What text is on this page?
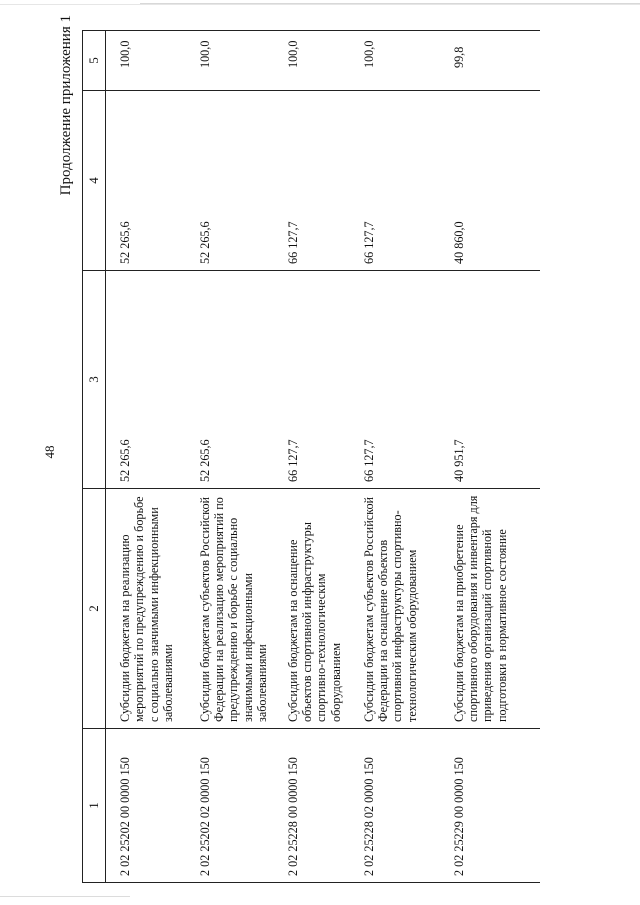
48
Продолжение приложения 1
1	2	3	4	5
2 02 25202 00 0000 150	Субсидии бюджетам на реализацию мероприятий по предупреждению и борьбе с социально значимыми инфекционными заболеваниями	52 265,6	52 265,6	100,0
2 02 25202 02 0000 150	Субсидии бюджетам субъектов Российской Федерации на реализацию мероприятий по предупреждению и борьбе с социально значимыми инфекционными заболеваниями	52 265,6	52 265,6	100,0
2 02 25228 00 0000 150	Субсидии бюджетам на оснащение объектов спортивной инфраструктуры спортивно-технологическим оборудованием	66 127,7	66 127,7	100,0
2 02 25228 02 0000 150	Субсидии бюджетам субъектов Российской Федерации на оснащение объектов спортивной инфраструктуры спортивно-технологическим оборудованием	66 127,7	66 127,7	100,0
2 02 25229 00 0000 150	Субсидии бюджетам на приобретение спортивного оборудования и инвентаря для приведения организаций спортивной подготовки в нормативное состояние	40 951,7	40 860,0	99,8
